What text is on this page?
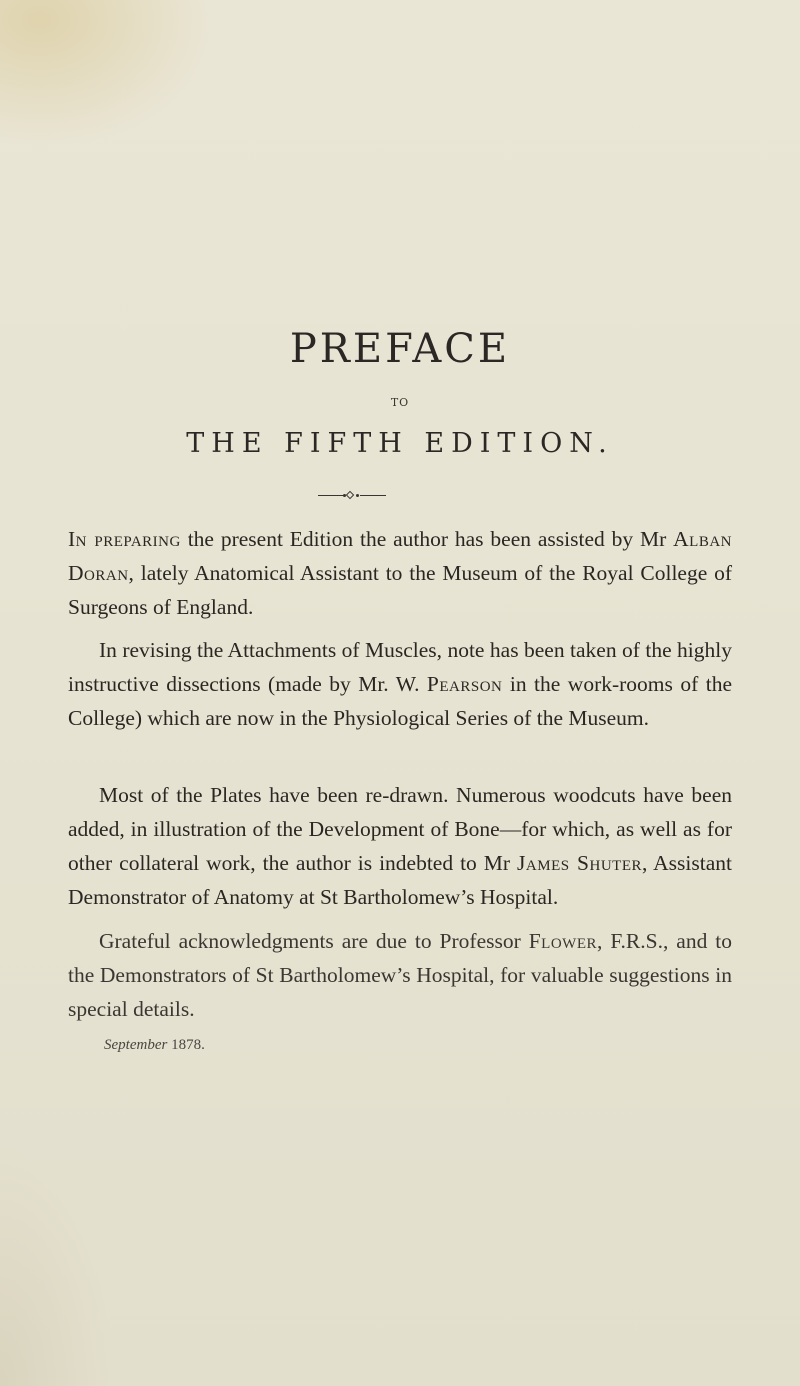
PREFACE
TO
THE FIFTH EDITION.

In preparing the present Edition the author has been assisted by Mr Alban Doran, lately Anatomical Assistant to the Museum of the Royal College of Surgeons of England.

In revising the Attachments of Muscles, note has been taken of the highly instructive dissections (made by Mr. W. Pearson in the work-rooms of the College) which are now in the Physiological Series of the Museum.

Most of the Plates have been re-drawn. Numerous woodcuts have been added, in illustration of the Development of Bone—for which, as well as for other collateral work, the author is indebted to Mr James Shuter, Assistant Demonstrator of Anatomy at St Bartholomew’s Hospital.

Grateful acknowledgments are due to Professor Flower, F.R.S., and to the Demonstrators of St Bartholomew’s Hospital, for valuable suggestions in special details.

September 1878.
